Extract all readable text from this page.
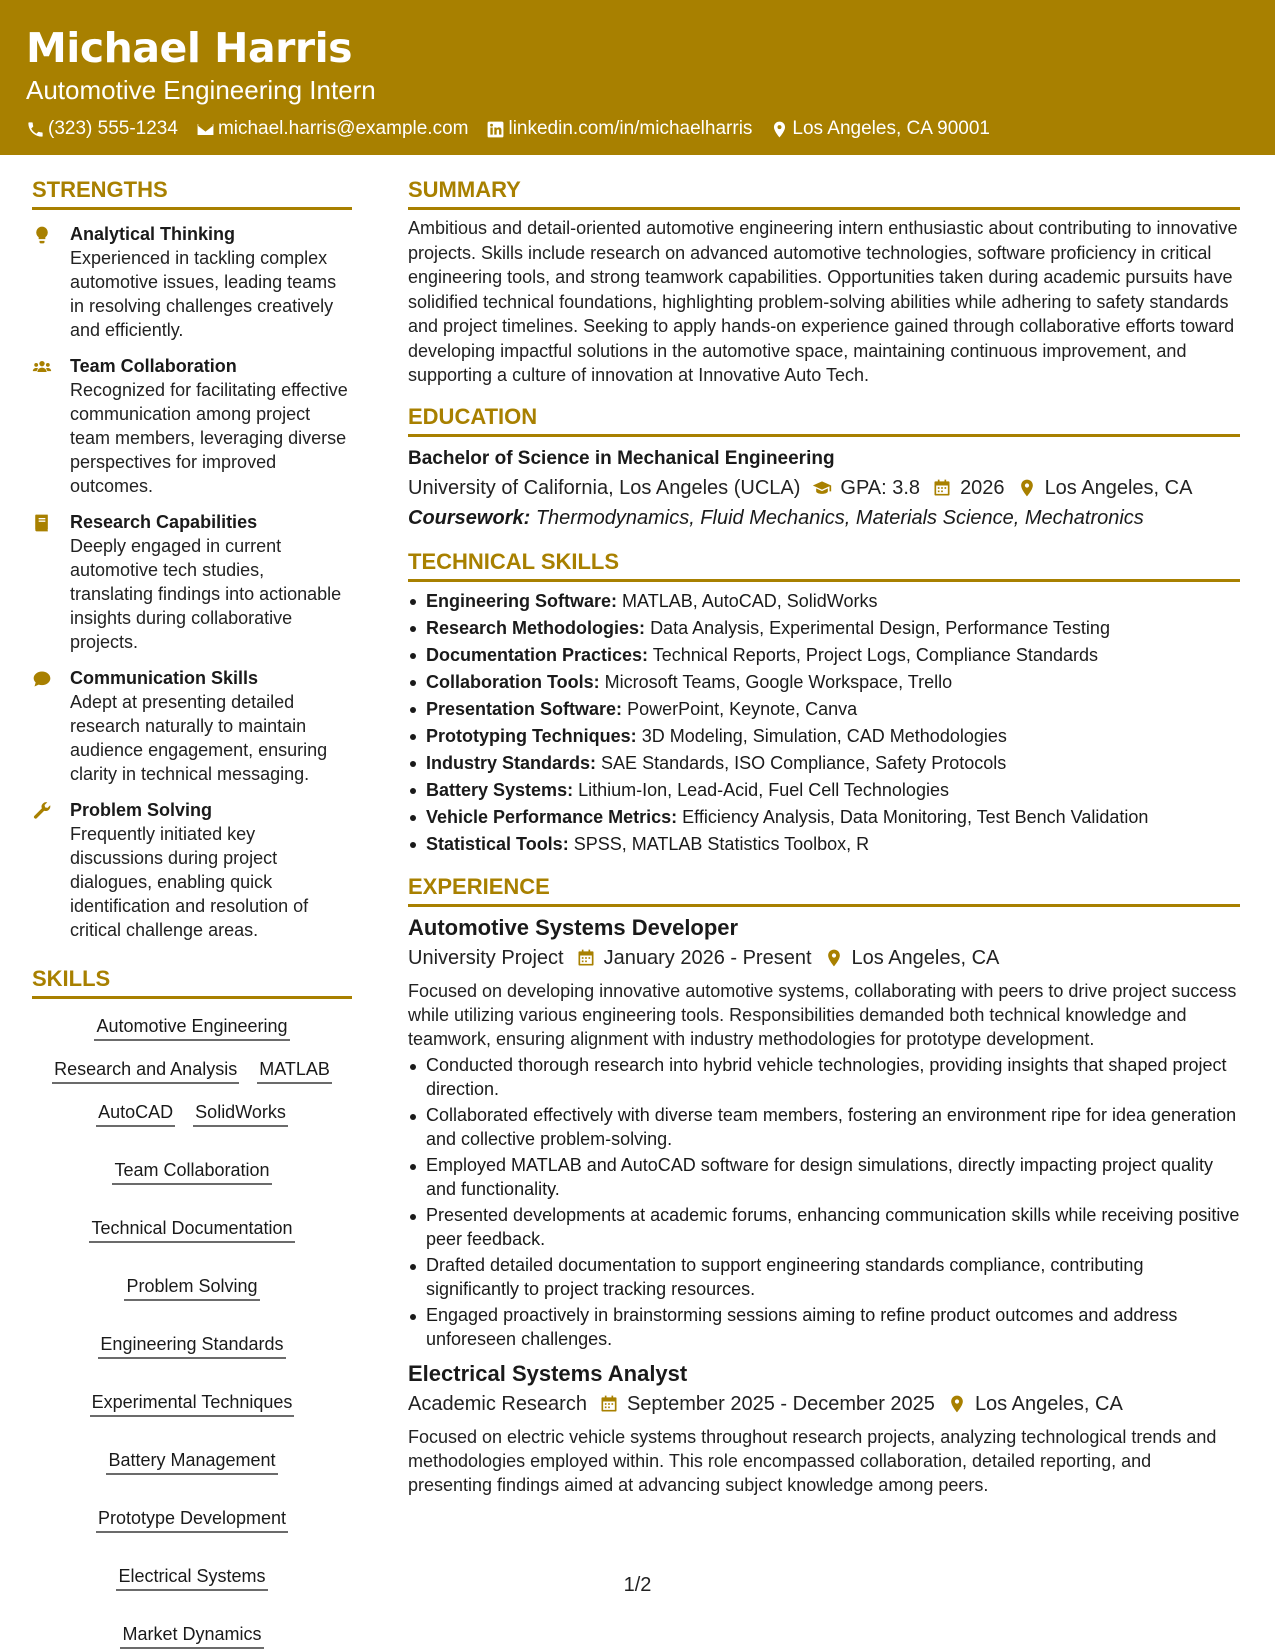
Michael Harris
Automotive Engineering Intern
(323) 555-1234 michael.harris@example.com linkedin.com/in/michaelharris Los Angeles, CA 90001
STRENGTHS
Analytical Thinking
Experienced in tackling complex automotive issues, leading teams in resolving challenges creatively and efficiently.
Team Collaboration
Recognized for facilitating effective communication among project team members, leveraging diverse perspectives for improved outcomes.
Research Capabilities
Deeply engaged in current automotive tech studies, translating findings into actionable insights during collaborative projects.
Communication Skills
Adept at presenting detailed research naturally to maintain audience engagement, ensuring clarity in technical messaging.
Problem Solving
Frequently initiated key discussions during project dialogues, enabling quick identification and resolution of critical challenge areas.
SKILLS
Automotive Engineering
Research and Analysis MATLAB
AutoCAD SolidWorks
Team Collaboration
Technical Documentation
Problem Solving
Engineering Standards
Experimental Techniques
Battery Management
Prototype Development
Electrical Systems
Market Dynamics
SUMMARY
Ambitious and detail-oriented automotive engineering intern enthusiastic about contributing to innovative projects. Skills include research on advanced automotive technologies, software proficiency in critical engineering tools, and strong teamwork capabilities. Opportunities taken during academic pursuits have solidified technical foundations, highlighting problem-solving abilities while adhering to safety standards and project timelines. Seeking to apply hands-on experience gained through collaborative efforts toward developing impactful solutions in the automotive space, maintaining continuous improvement, and supporting a culture of innovation at Innovative Auto Tech.
EDUCATION
Bachelor of Science in Mechanical Engineering
University of California, Los Angeles (UCLA) GPA: 3.8 2026 Los Angeles, CA
Coursework: Thermodynamics, Fluid Mechanics, Materials Science, Mechatronics
TECHNICAL SKILLS
Engineering Software: MATLAB, AutoCAD, SolidWorks
Research Methodologies: Data Analysis, Experimental Design, Performance Testing
Documentation Practices: Technical Reports, Project Logs, Compliance Standards
Collaboration Tools: Microsoft Teams, Google Workspace, Trello
Presentation Software: PowerPoint, Keynote, Canva
Prototyping Techniques: 3D Modeling, Simulation, CAD Methodologies
Industry Standards: SAE Standards, ISO Compliance, Safety Protocols
Battery Systems: Lithium-Ion, Lead-Acid, Fuel Cell Technologies
Vehicle Performance Metrics: Efficiency Analysis, Data Monitoring, Test Bench Validation
Statistical Tools: SPSS, MATLAB Statistics Toolbox, R
EXPERIENCE
Automotive Systems Developer
University Project January 2026 - Present Los Angeles, CA
Focused on developing innovative automotive systems, collaborating with peers to drive project success while utilizing various engineering tools. Responsibilities demanded both technical knowledge and teamwork, ensuring alignment with industry methodologies for prototype development.
Conducted thorough research into hybrid vehicle technologies, providing insights that shaped project direction.
Collaborated effectively with diverse team members, fostering an environment ripe for idea generation and collective problem-solving.
Employed MATLAB and AutoCAD software for design simulations, directly impacting project quality and functionality.
Presented developments at academic forums, enhancing communication skills while receiving positive peer feedback.
Drafted detailed documentation to support engineering standards compliance, contributing significantly to project tracking resources.
Engaged proactively in brainstorming sessions aiming to refine product outcomes and address unforeseen challenges.
Electrical Systems Analyst
Academic Research September 2025 - December 2025 Los Angeles, CA
Focused on electric vehicle systems throughout research projects, analyzing technological trends and methodologies employed within. This role encompassed collaboration, detailed reporting, and presenting findings aimed at advancing subject knowledge among peers.
1/2
